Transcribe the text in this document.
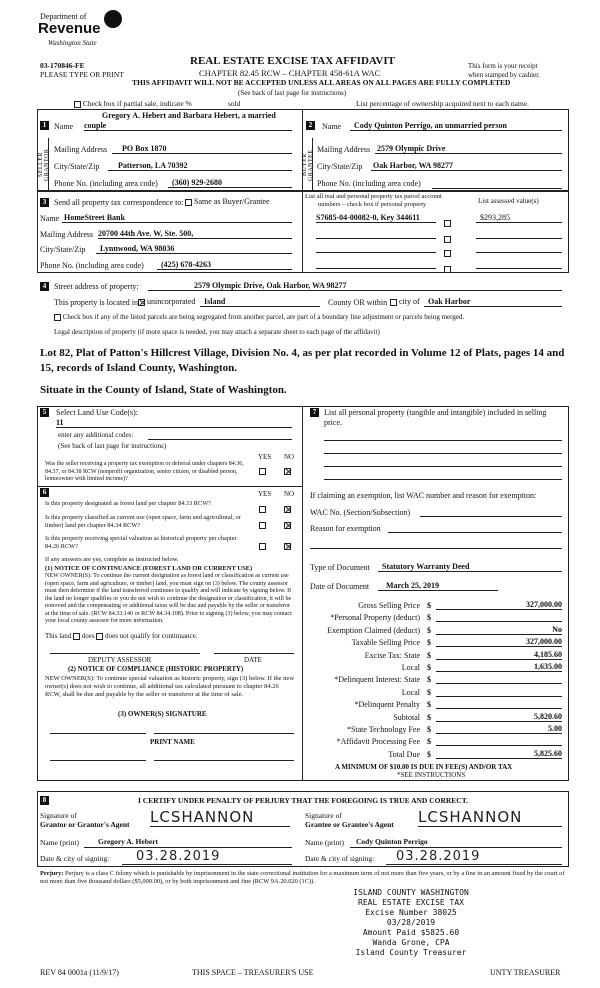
Department of
Revenue
Washington State
03-170846-FE
PLEASE TYPE OR PRINT
REAL ESTATE EXCISE TAX AFFIDAVIT
CHAPTER 82.45 RCW – CHAPTER 458-61A WAC
THIS AFFIDAVIT WILL NOT BE ACCEPTED UNLESS ALL AREAS ON ALL PAGES ARE FULLY COMPLETED
(See back of last page for instructions)
This form is your receipt
when stamped by cashier.
Check box if partial sale, indicate %	sold	List percentage of ownership acquired next to each name.
1
SELLER GRANTOR
Gregory A. Hebert and Barbara Hebert, a married
Name couple
Mailing Address	PO Box 1870
City/State/Zip	Patterson, LA 70392
Phone No. (including area code)	(360) 929-2680
2
BUYER GRANTEE
Name	Cody Quinton Perrigo, an unmarried person
Mailing Address 2579 Olympic Drive
City/State/Zip Oak Harbor, WA 98277
Phone No. (including area code)
3 Send all property tax correspondence to:	Same as Buyer/Grantee
Name HomeStreet Bank
Mailing Address 20700 44th Ave. W, Ste. 500,
City/State/Zip	Lynnwood, WA 98036
Phone No. (including area code)	(425) 678-4263
List all real and personal property tax parcel account
numbers – check box if personal property	List assessed value(s)
S7685-04-00082-0, Key 344611	$293,285
4 Street address of property:	2579 Olympic Drive, Oak Harbor, WA 98277
This property is located in	unincorporated	Island	County OR within	city of	Oak Harbor
Check box if any of the listed parcels are being segregated from another parcel, are part of a boundary line adjustment or parcels being merged.
Legal description of property (if more space is needed, you may attach a separate sheet to each page of the affidavit)
Lot 82, Plat of Patton's Hillcrest Village, Division No. 4, as per plat recorded in Volume 12 of Plats, pages 14 and 15, records of Island County, Washington.
Situate in the County of Island, State of Washington.
5	Select Land Use Code(s):
11
enter any additional codes:
(See back of last page for instructions)
YES NO
Was the seller receiving a property tax exemption or deferral under chapters 84.36, 84.37, or 84.38 RCW (nonprofit organization, senior citizen, or disabled person, homeowner with limited income)?
6	YES NO
Is this property designated as forest land per chapter 84.33 RCW?
Is this property classified as current use (open space, farm and agricultural, or timber) land per chapter 84.34 RCW?
Is this property receiving special valuation as historical property per chapter 84.26 RCW?
If any answers are yes, complete as instructed below.
(1) NOTICE OF CONTINUANCE (FOREST LAND OR CURRENT USE)
NEW OWNER(S): To continue the current designation as forest land or classification as current use (open space, farm and agriculture, or timber) land, you must sign on (3) below. The county assessor must then determine if the land transferred continues to qualify and will indicate by signing below. If the land no longer qualifies or you do not wish to continue the designation or classification, it will be removed and the compensating or additional taxes will be due and payable by the seller or transferor at the time of sale. (RCW 84.33.140 or RCW 84.34.108). Prior to signing (3) below, you may contact your local county assessor for more information.
This land does does not qualify for continuance.
DEPUTY ASSESSOR	DATE
(2) NOTICE OF COMPLIANCE (HISTORIC PROPERTY)
NEW OWNER(S): To continue special valuation as historic property, sign (3) below. If the new owner(s) does not wish to continue, all additional tax calculated pursuant to chapter 84.26 RCW, shall be due and payable by the seller or transferor at the time of sale.
(3) OWNER(S) SIGNATURE
PRINT NAME
7 List all personal property (tangible and intangible) included in selling price.
If claiming an exemption, list WAC number and reason for exemption:
WAC No. (Section/Subsection)
Reason for exemption
Type of Document	Statutory Warranty Deed
Date of Document	March 25, 2019
Gross Selling Price $	327,000.00
*Personal Property (deduct) $
Exemption Claimed (deduct) $	No
Taxable Selling Price $	327,000.00
Excise Tax: State $	4,185.60
Local $	1,635.00
*Delinquent Interest: State $
Local $
*Delinquent Penalty $
Subtotal $	5,820.60
*State Technology Fee $	5.00
*Affidavit Processing Fee $
Total Due $	5,825.60
A MINIMUM OF $10.00 IS DUE IN FEE(S) AND/OR TAX
*SEE INSTRUCTIONS
8	I CERTIFY UNDER PENALTY OF PERJURY THAT THE FOREGOING IS TRUE AND CORRECT.
Signature of
Grantor or Grantor's Agent LCSHANNON	Signature of
Grantee or Grantee's Agent LCSHANNON
Name (print)	Gregory A. Hebert	Name (print)	Cody Quinton Perrigo
Date & city of signing:	03.28.2019	Date & city of signing:	03.28.2019
Perjury: Perjury is a class C felony which is punishable by imprisonment in the state correctional institution for a maximum term of not more than five years, or by a fine in an amount fixed by the court of not more than five thousand dollars ($5,000.00), or by both imprisonment and fine (RCW 9A.20.020 (1C)).
ISLAND COUNTY WASHINGTON
REAL ESTATE EXCISE TAX
Excise Number 38025
03/28/2019
Amount Paid $5825.60
Wanda Grone, CPA
Island County Treasurer
REV 84 0001a (11/9/17)	THIS SPACE – TREASURER'S USE	UNTY TREASURER
